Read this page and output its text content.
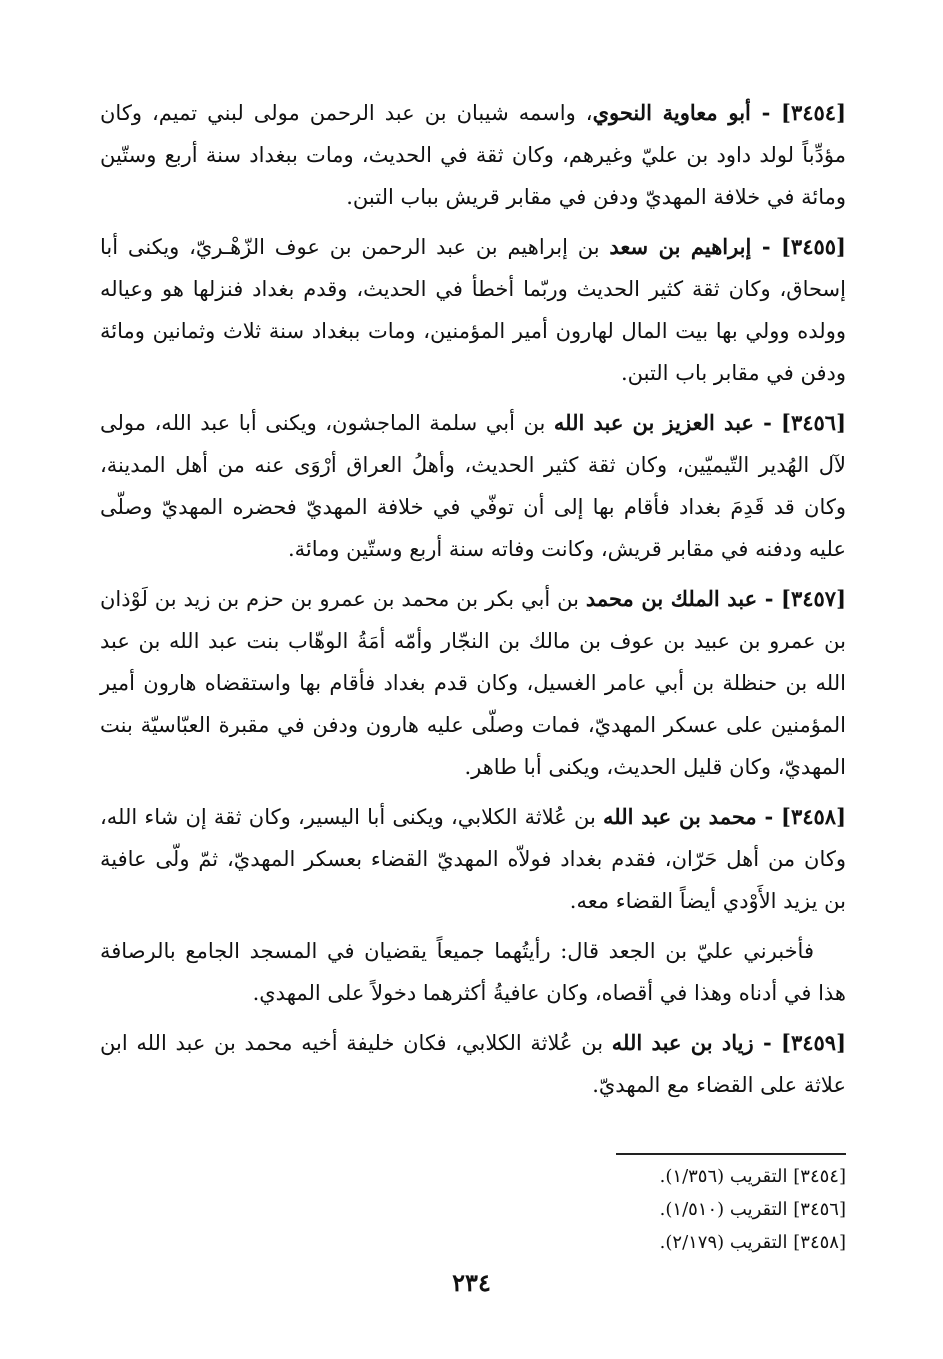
[٣٤٥٤] - أبو معاوية النحوي، واسمه شيبان بن عبد الرحمن مولى لبني تميم، وكان مؤدِّباً لولد داود بن عليّ وغيرهم، وكان ثقة في الحديث، ومات ببغداد سنة أربع وستّين ومائة في خلافة المهديّ ودفن في مقابر قريش بباب التبن.

[٣٤٥٥] - إبراهيم بن سعد بن إبراهيم بن عبد الرحمن بن عوف الزّهْـريّ، ويكنى أبا إسحاق، وكان ثقة كثير الحديث وربّما أخطأ في الحديث، وقدم بغداد فنزلها هو وعياله وولده وولي بها بيت المال لهارون أمير المؤمنين، ومات ببغداد سنة ثلاث وثمانين ومائة ودفن في مقابر باب التبن.

[٣٤٥٦] - عبد العزيز بن عبد الله بن أبي سلمة الماجشون، ويكنى أبا عبد الله، مولى لآل الهُدير التّيميّين، وكان ثقة كثير الحديث، وأهلُ العراق أرْوَى عنه من أهل المدينة، وكان قد قَدِمَ بغداد فأقام بها إلى أن توفّي في خلافة المهديّ فحضره المهديّ وصلّى عليه ودفنه في مقابر قريش، وكانت وفاته سنة أربع وستّين ومائة.

[٣٤٥٧] - عبد الملك بن محمد بن أبي بكر بن محمد بن عمرو بن حزم بن زيد بن لَوْذان بن عمرو بن عبيد بن عوف بن مالك بن النجّار وأمّه أمَةُ الوهّاب بنت عبد الله بن عبد الله بن حنظلة بن أبي عامر الغسيل، وكان قدم بغداد فأقام بها واستقضاه هارون أمير المؤمنين على عسكر المهديّ، فمات وصلّى عليه هارون ودفن في مقبرة العبّاسيّة بنت المهديّ، وكان قليل الحديث، ويكنى أبا طاهر.

[٣٤٥٨] - محمد بن عبد الله بن عُلاثة الكلابي، ويكنى أبا اليسير، وكان ثقة إن شاء الله، وكان من أهل حَرّان، فقدم بغداد فولاّه المهديّ القضاء بعسكر المهديّ، ثمّ ولّى عافية بن يزيد الأَوْدي أيضاً القضاء معه.

فأخبرني عليّ بن الجعد قال: رأيتُهما جميعاً يقضيان في المسجد الجامع بالرصافة هذا في أدناه وهذا في أقصاه، وكان عافيةُ أكثرهما دخولاً على المهدي.

[٣٤٥٩] - زياد بن عبد الله بن عُلاثة الكلابي، فكان خليفة أخيه محمد بن عبد الله ابن علاثة على القضاء مع المهديّ.

[٣٤٥٤] التقريب (١/٣٥٦).
[٣٤٥٦] التقريب (١/٥١٠).
[٣٤٥٨] التقريب (٢/١٧٩).
٢٣٤
